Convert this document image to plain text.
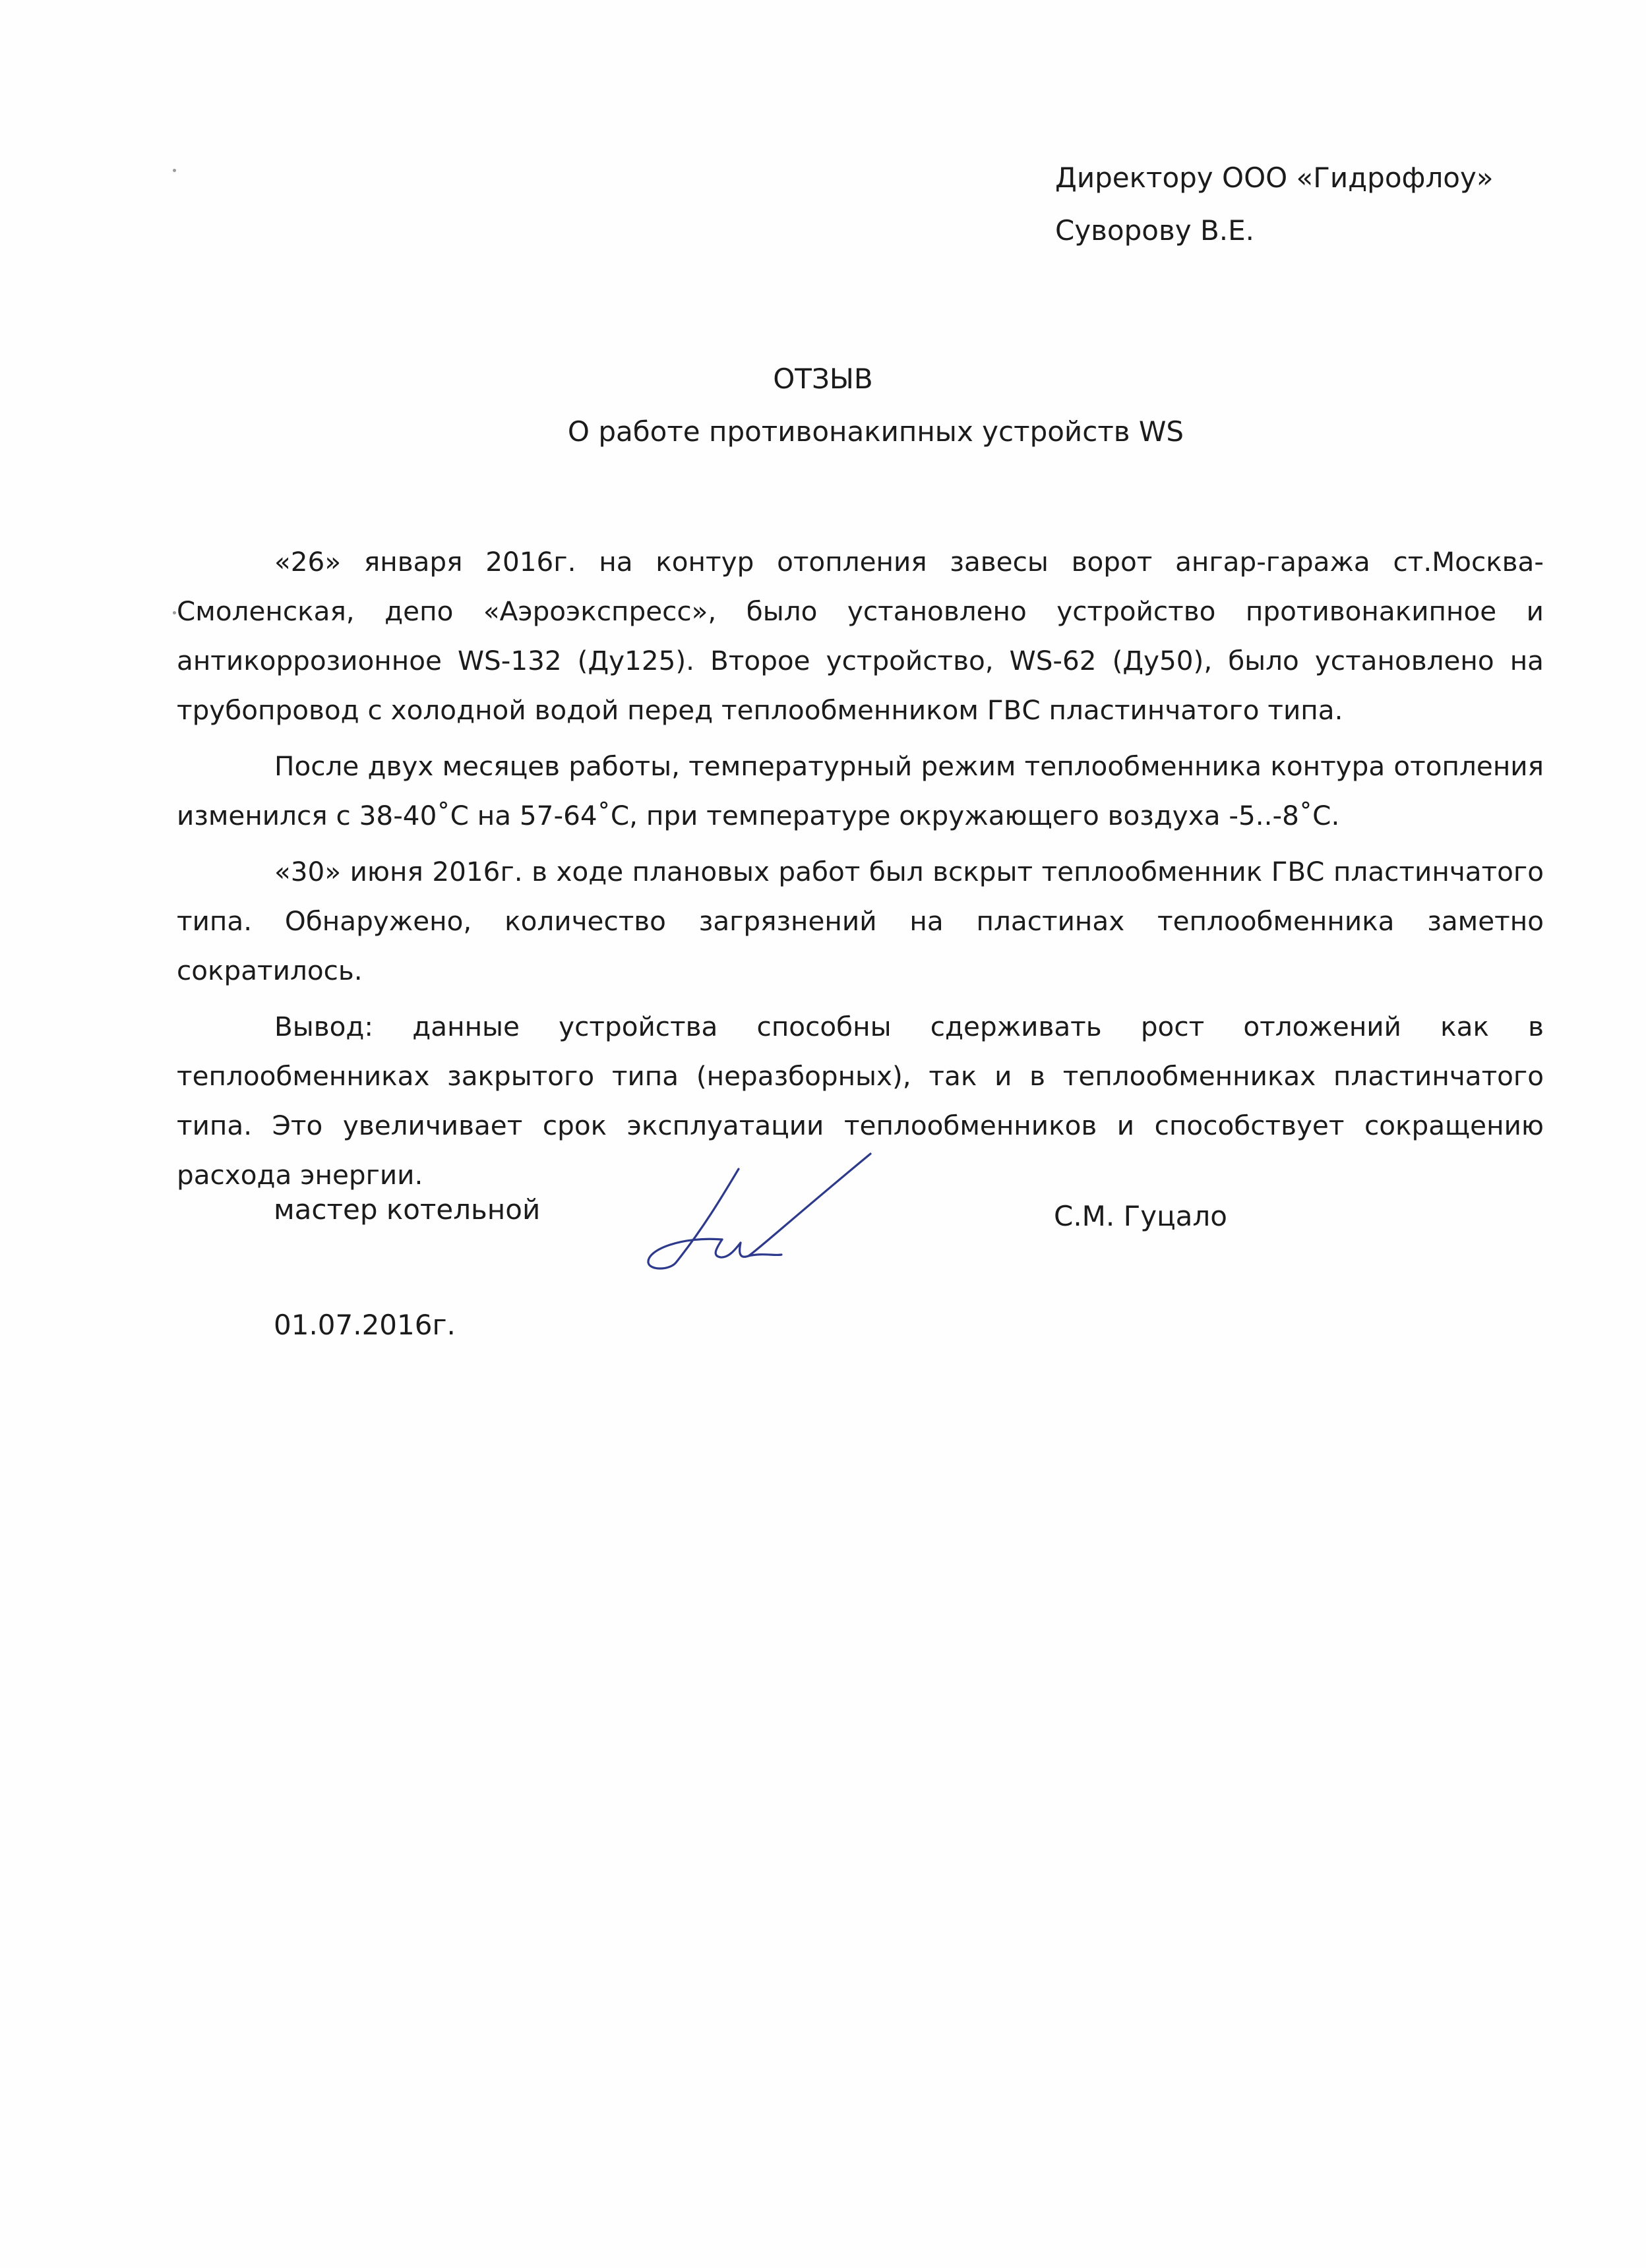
Директору ООО «Гидрофлоу»
Суворову В.Е.
ОТЗЫВ
О работе противонакипных устройств WS

«26» января 2016г. на контур отопления завесы ворот ангар-гаража ст.Москва-Смоленская, депо «Аэроэкспресс», было установлено устройство противонакипное и антикоррозионное WS-132 (Ду125). Второе устройство, WS-62 (Ду50), было установлено на трубопровод с холодной водой перед теплообменником ГВС пластинчатого типа.

После двух месяцев работы, температурный режим теплообменника контура отопления изменился с 38-40˚С на 57-64˚С, при температуре окружающего воздуха -5..-8˚С.

«30» июня 2016г. в ходе плановых работ был вскрыт теплообменник ГВС пластинчатого типа. Обнаружено, количество загрязнений на пластинах теплообменника заметно сократилось.

Вывод: данные устройства способны сдерживать рост отложений как в теплообменниках закрытого типа (неразборных), так и в теплообменниках пластинчатого типа. Это увеличивает срок эксплуатации теплообменников и способствует сокращению расхода энергии.

мастер котельной	С.М. Гуцало
01.07.2016г.
